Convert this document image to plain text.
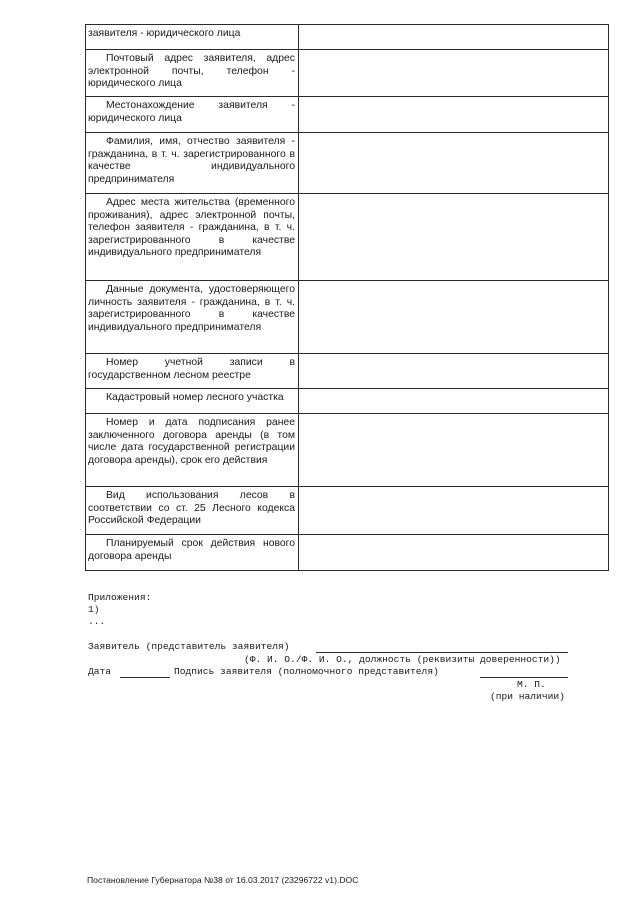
заявителя - юридического лица	
Почтовый адрес заявителя, адрес электронной почты, телефон - юридического лица	
Местонахождение заявителя - юридического лица	
Фамилия, имя, отчество заявителя - гражданина, в т. ч. зарегистрированного в качестве индивидуального предпринимателя	
Адрес места жительства (временного проживания), адрес электронной почты, телефон заявителя - гражданина, в т. ч. зарегистрированного в качестве индивидуального предпринимателя	
Данные документа, удостоверяющего личность заявителя - гражданина, в т. ч. зарегистрированного в качестве индивидуального предпринимателя	
Номер учетной записи в государственном лесном реестре	
Кадастровый номер лесного участка	
Номер и дата подписания ранее заключенного договора аренды (в том числе дата государственной регистрации договора аренды), срок его действия	
Вид использования лесов в соответствии со ст. 25 Лесного кодекса Российской Федерации	
Планируемый срок действия нового договора аренды	
Приложения:
1)
...
Заявитель (представитель заявителя)
(Ф. И. О./Ф. И. О., должность (реквизиты доверенности))
Дата	Подпись заявителя (полномочного представителя)
М. П.
(при наличии)
Постановление Губернатора №38 от 16.03.2017 (23296722 v1).DOC
